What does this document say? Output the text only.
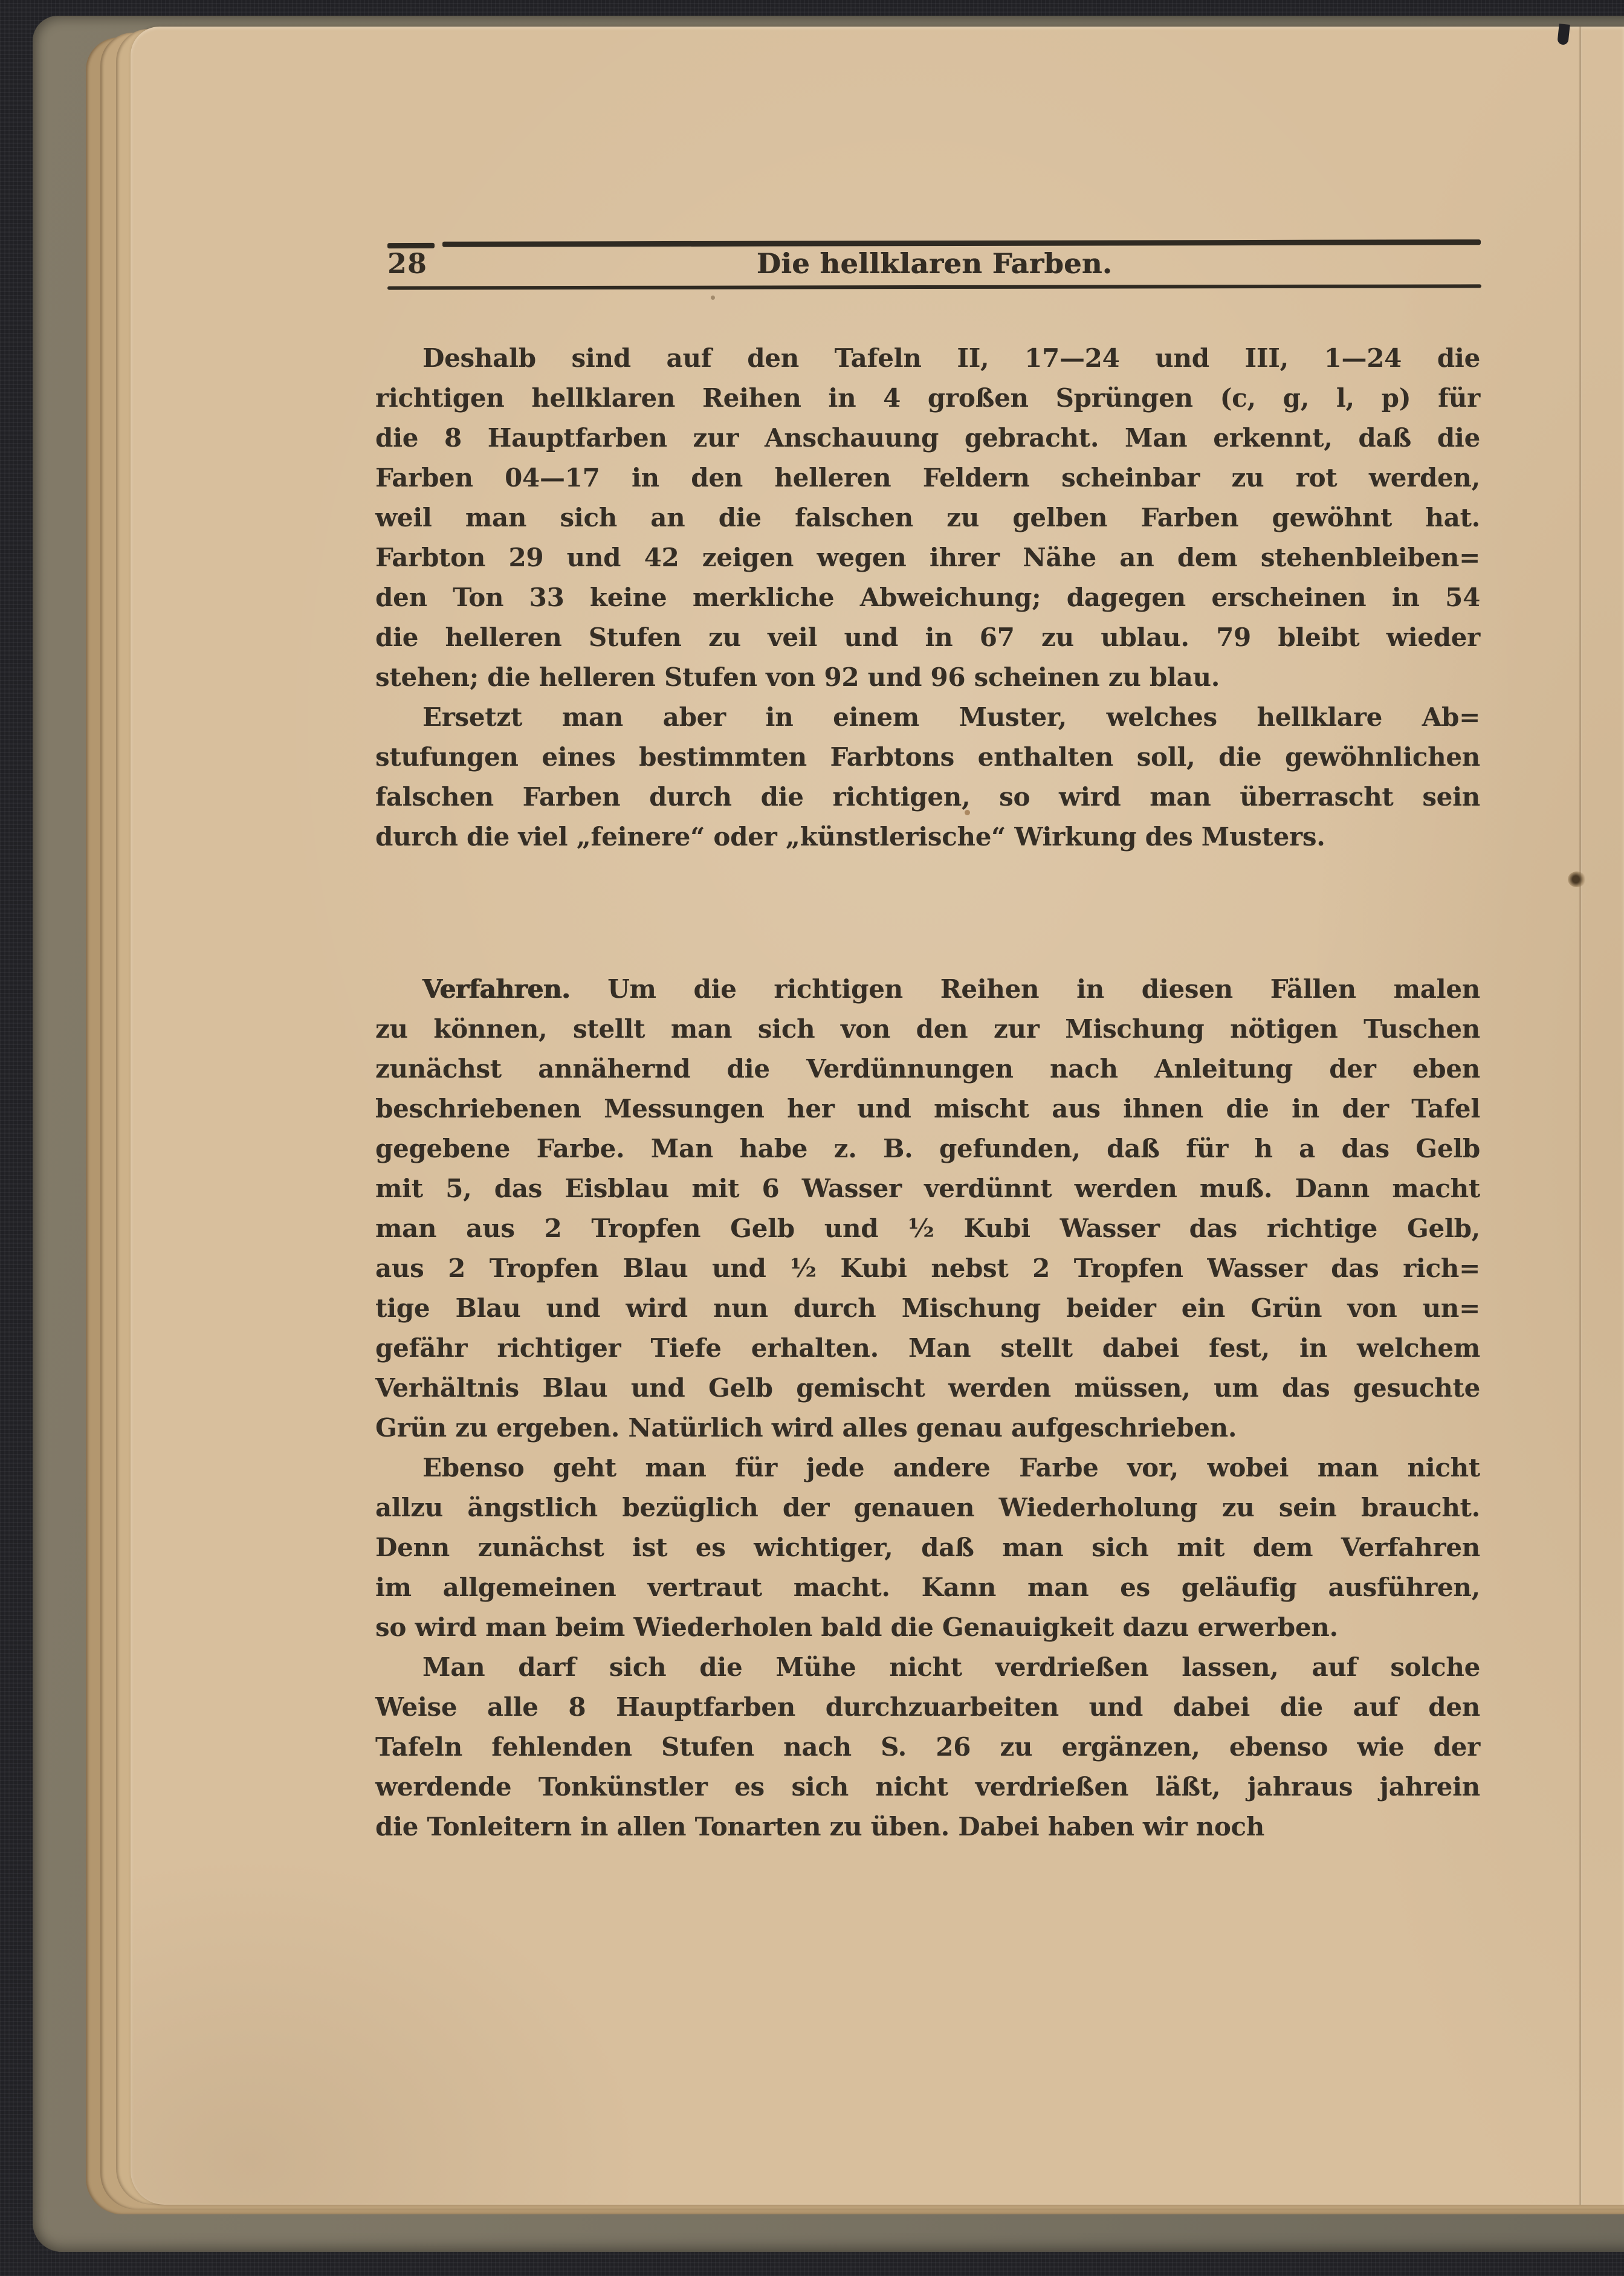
28	Die hellklaren Farben.
Deshalb sind auf den Tafeln II, 17—24 und III, 1—24 die
richtigen hellklaren Reihen in 4 großen Sprüngen (c, g, l, p) für
die 8 Hauptfarben zur Anschauung gebracht. Man erkennt, daß die
Farben 04—17 in den helleren Feldern scheinbar zu rot werden,
weil man sich an die falschen zu gelben Farben gewöhnt hat.
Farbton 29 und 42 zeigen wegen ihrer Nähe an dem stehenbleiben=
den Ton 33 keine merkliche Abweichung; dagegen erscheinen in 54
die helleren Stufen zu veil und in 67 zu ublau. 79 bleibt wieder
stehen; die helleren Stufen von 92 und 96 scheinen zu blau.
Ersetzt man aber in einem Muster, welches hellklare Ab=
stufungen eines bestimmten Farbtons enthalten soll, die gewöhnlichen
falschen Farben durch die richtigen, so wird man überrascht sein
durch die viel „feinere“ oder „künstlerische“ Wirkung des Musters.
Verfahren. Um die richtigen Reihen in diesen Fällen malen
zu können, stellt man sich von den zur Mischung nötigen Tuschen
zunächst annähernd die Verdünnungen nach Anleitung der eben
beschriebenen Messungen her und mischt aus ihnen die in der Tafel
gegebene Farbe. Man habe z. B. gefunden, daß für h a das Gelb
mit 5, das Eisblau mit 6 Wasser verdünnt werden muß. Dann macht
man aus 2 Tropfen Gelb und ½ Kubi Wasser das richtige Gelb,
aus 2 Tropfen Blau und ½ Kubi nebst 2 Tropfen Wasser das rich=
tige Blau und wird nun durch Mischung beider ein Grün von un=
gefähr richtiger Tiefe erhalten. Man stellt dabei fest, in welchem
Verhältnis Blau und Gelb gemischt werden müssen, um das gesuchte
Grün zu ergeben. Natürlich wird alles genau aufgeschrieben.
Ebenso geht man für jede andere Farbe vor, wobei man nicht
allzu ängstlich bezüglich der genauen Wiederholung zu sein braucht.
Denn zunächst ist es wichtiger, daß man sich mit dem Verfahren
im allgemeinen vertraut macht. Kann man es geläufig ausführen,
so wird man beim Wiederholen bald die Genauigkeit dazu erwerben.
Man darf sich die Mühe nicht verdrießen lassen, auf solche
Weise alle 8 Hauptfarben durchzuarbeiten und dabei die auf den
Tafeln fehlenden Stufen nach S. 26 zu ergänzen, ebenso wie der
werdende Tonkünstler es sich nicht verdrießen läßt, jahraus jahrein
die Tonleitern in allen Tonarten zu üben. Dabei haben wir noch
